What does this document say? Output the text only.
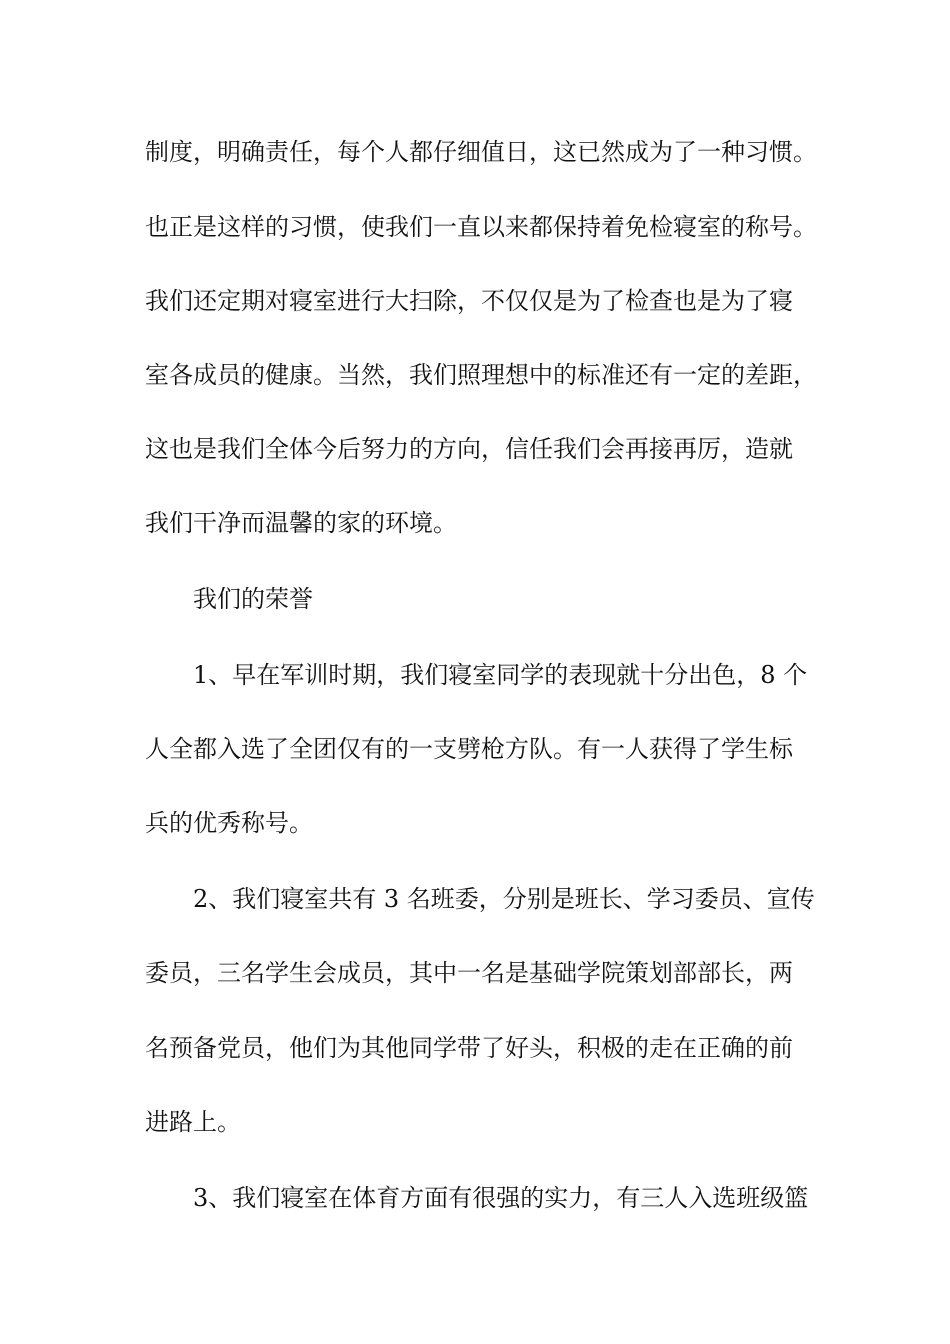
制度，明确责任，每个人都仔细值日，这已然成为了一种习惯。
也正是这样的习惯，使我们一直以来都保持着免检寝室的称号。
我们还定期对寝室进行大扫除，不仅仅是为了检查也是为了寝
室各成员的健康。当然，我们照理想中的标准还有一定的差距，
这也是我们全体今后努力的方向，信任我们会再接再厉，造就
我们干净而温馨的家的环境。
我们的荣誉
1、早在军训时期，我们寝室同学的表现就十分出色，8 个
人全都入选了全团仅有的一支劈枪方队。有一人获得了学生标
兵的优秀称号。
2、我们寝室共有 3 名班委，分别是班长、学习委员、宣传
委员，三名学生会成员，其中一名是基础学院策划部部长，两
名预备党员，他们为其他同学带了好头，积极的走在正确的前
进路上。
3、我们寝室在体育方面有很强的实力，有三人入选班级篮
